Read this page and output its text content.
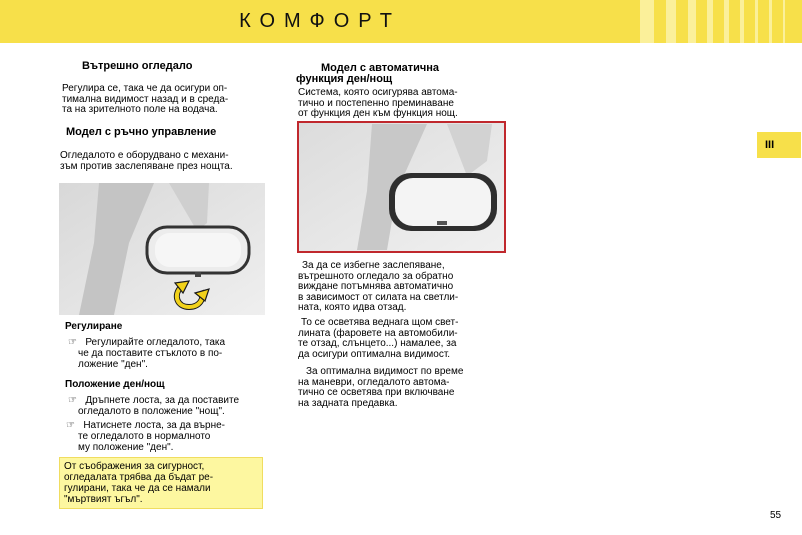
КОМФОРТ
III
Вътрешно огледало
Регулира се, така че да осигури оп-
тимална видимост назад и в среда-
та на зрителното поле на водача.
Модел с ръчно управление
Огледалото е оборудвано с механи-
зъм против заслепяване през нощта.
Регулиране
☞   Регулирайте огледалото, така
че да поставите стъклото в по-
ложение "ден".
Положение ден/нощ
☞   Дръпнете лоста, за да поставите
огледалото в положение "нощ".
☞   Натиснете лоста, за да върне-
те огледалото в нормалното
му положение "ден".
От съображения за сигурност,
огледалата трябва да бъдат ре-
гулирани, така че да се намали
"мъртвият ъгъл".
Модел с автоматична
функция ден/нощ
Система, която осигурява автома-
тично и постепенно преминаване
от функция ден към функция нощ.
За да се избегне заслепяване,
вътрешното огледало за обратно
виждане потъмнява автоматично
в зависимост от силата на светли-
ната, която идва отзад.
То се осветява веднага щом свет-
лината (фаровете на автомобили-
те отзад, слънцето...) намалее, за
да осигури оптимална видимост.
За оптимална видимост по време
на маневри, огледалото автома-
тично се осветява при включване
на задната предавка.
55
